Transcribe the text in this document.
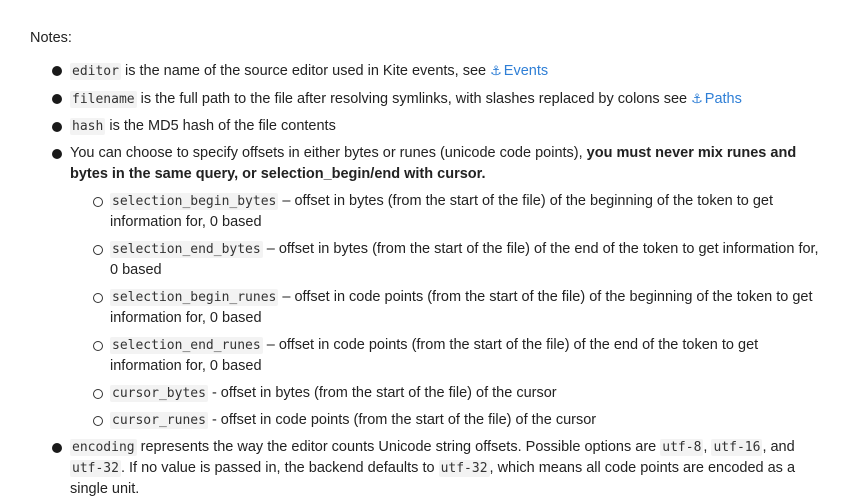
Notes:
editor is the name of the source editor used in Kite events, see ⚓ Events
filename is the full path to the file after resolving symlinks, with slashes replaced by colons see ⚓ Paths
hash is the MD5 hash of the file contents
You can choose to specify offsets in either bytes or runes (unicode code points), you must never mix runes and bytes in the same query, or selection_begin/end with cursor.
selection_begin_bytes – offset in bytes (from the start of the file) of the beginning of the token to get information for, 0 based
selection_end_bytes – offset in bytes (from the start of the file) of the end of the token to get information for, 0 based
selection_begin_runes – offset in code points (from the start of the file) of the beginning of the token to get information for, 0 based
selection_end_runes – offset in code points (from the start of the file) of the end of the token to get information for, 0 based
cursor_bytes - offset in bytes (from the start of the file) of the cursor
cursor_runes - offset in code points (from the start of the file) of the cursor
encoding represents the way the editor counts Unicode string offsets. Possible options are utf-8 , utf-16 , and utf-32 . If no value is passed in, the backend defaults to utf-32 , which means all code points are encoded as a single unit.
